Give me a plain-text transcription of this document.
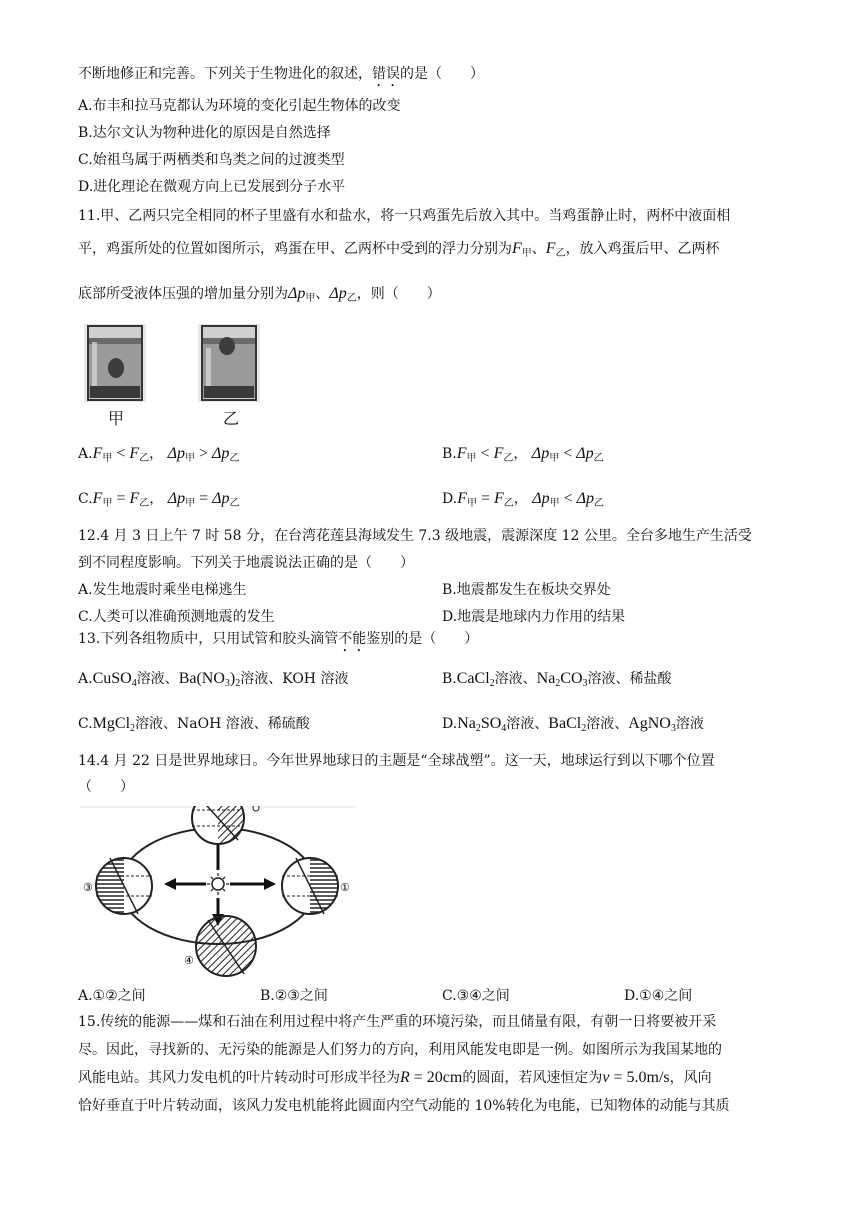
不断地修正和完善。下列关于生物进化的叙述，错误的是（　　）
A.布丰和拉马克都认为环境的变化引起生物体的改变
B.达尔文认为物种进化的原因是自然选择
C.始祖鸟属于两栖类和鸟类之间的过渡类型
D.进化理论在微观方向上已发展到分子水平
11.甲、乙两只完全相同的杯子里盛有水和盐水，将一只鸡蛋先后放入其中。当鸡蛋静止时，两杯中液面相
平，鸡蛋所处的位置如图所示，鸡蛋在甲、乙两杯中受到的浮力分别为$F_甲$、$F_乙$，放入鸡蛋后甲、乙两杯
底部所受液体压强的增加量分别为$\Delta p_甲$、$\Delta p_乙$，则（　　）
甲	乙
$A.F_甲 < F_乙$， $\Delta p_甲 > \Delta p_乙$	$B.F_甲 < F_乙$， $\Delta p_甲 < \Delta p_乙$
$C.F_甲 = F_乙$， $\Delta p_甲 = \Delta p_乙$	$D.F_甲 = F_乙$， $\Delta p_甲 < \Delta p_乙$
12.4 月 3 日上午 7 时 58 分，在台湾花莲县海域发生 7.3 级地震，震源深度 12 公里。全台多地生产生活受
到不同程度影响。下列关于地震说法正确的是（　　）
A.发生地震时乘坐电梯逃生	B.地震都发生在板块交界处
C.人类可以准确预测地震的发生	D.地震是地球内力作用的结果
13.下列各组物质中，只用试管和胶头滴管不能鉴别的是（　　）
A.CuSO$_4$溶液、$Ba(NO_3)_2$溶液、KOH 溶液	B.CaCl$_2$溶液、$Na_2CO_3$溶液、稀盐酸
C.MgCl$_2$溶液、NaOH 溶液、稀硫酸	$D.Na_2SO_4$溶液、BaCl$_2$溶液、AgNO$_3$溶液
14.4 月 22 日是世界地球日。今年世界地球日的主题是“全球战塑”。这一天，地球运行到以下哪个位置
（　　）
③	①
④
A.①②之间	B.②③之间	C.③④之间	D.①④之间
15.传统的能源——煤和石油在利用过程中将产生严重的环境污染，而且储量有限，有朝一日将要被开采
尽。因此，寻找新的、无污染的能源是人们努力的方向，利用风能发电即是一例。如图所示为我国某地的
风能电站。其风力发电机的叶片转动时可形成半径为R = 20cm的圆面，若风速恒定为v = 5.0m/s，风向
恰好垂直于叶片转动面，该风力发电机能将此圆面内空气动能的 10%转化为电能，已知物体的动能与其质
